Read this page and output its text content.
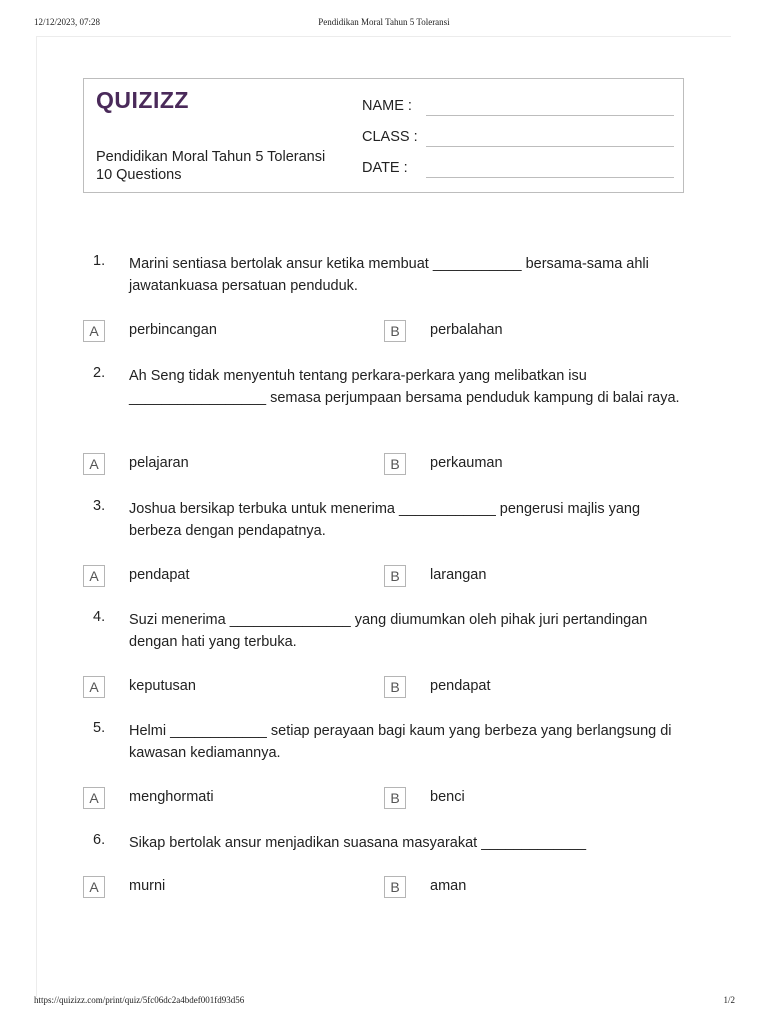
12/12/2023, 07:28	Pendidikan Moral Tahun 5 Toleransi
QUIZIZZ
Pendidikan Moral Tahun 5 Toleransi
10 Questions
NAME :
CLASS :
DATE :
1. Marini sentiasa bertolak ansur ketika membuat ___________ bersama-sama ahli jawatankuasa persatuan penduduk.
A	perbincangan	B	perbalahan
2. Ah Seng tidak menyentuh tentang perkara-perkara yang melibatkan isu _________________ semasa perjumpaan bersama penduduk kampung di balai raya.
A	pelajaran	B	perkauman
3. Joshua bersikap terbuka untuk menerima ____________ pengerusi majlis yang berbeza dengan pendapatnya.
A	pendapat	B	larangan
4. Suzi menerima _______________ yang diumumkan oleh pihak juri pertandingan dengan hati yang terbuka.
A	keputusan	B	pendapat
5. Helmi ____________ setiap perayaan bagi kaum yang berbeza yang berlangsung di kawasan kediamannya.
A	menghormati	B	benci
6. Sikap bertolak ansur menjadikan suasana masyarakat _____________
A	murni	B	aman
https://quizizz.com/print/quiz/5fc06dc2a4bdef001fd93d56	1/2
